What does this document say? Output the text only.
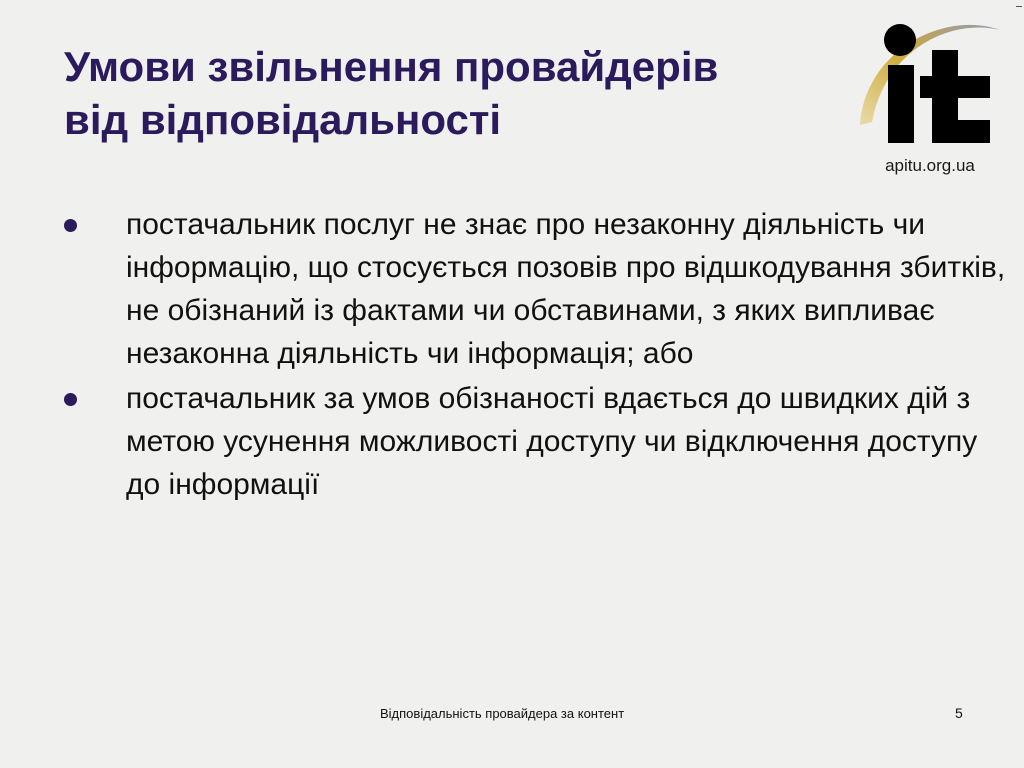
Умови звільнення провайдерів
від відповідальності
apitu.org.ua
постачальник послуг не знає про незаконну діяльність чи інформацію, що стосується позовів про відшкодування збитків, не обізнаний із фактами чи обставинами, з яких випливає незаконна діяльність чи інформація; або
постачальник за умов обізнаності вдається до швидких дій з метою усунення можливості доступу чи відключення доступу до інформації
Відповідальність провайдера за контент	5
